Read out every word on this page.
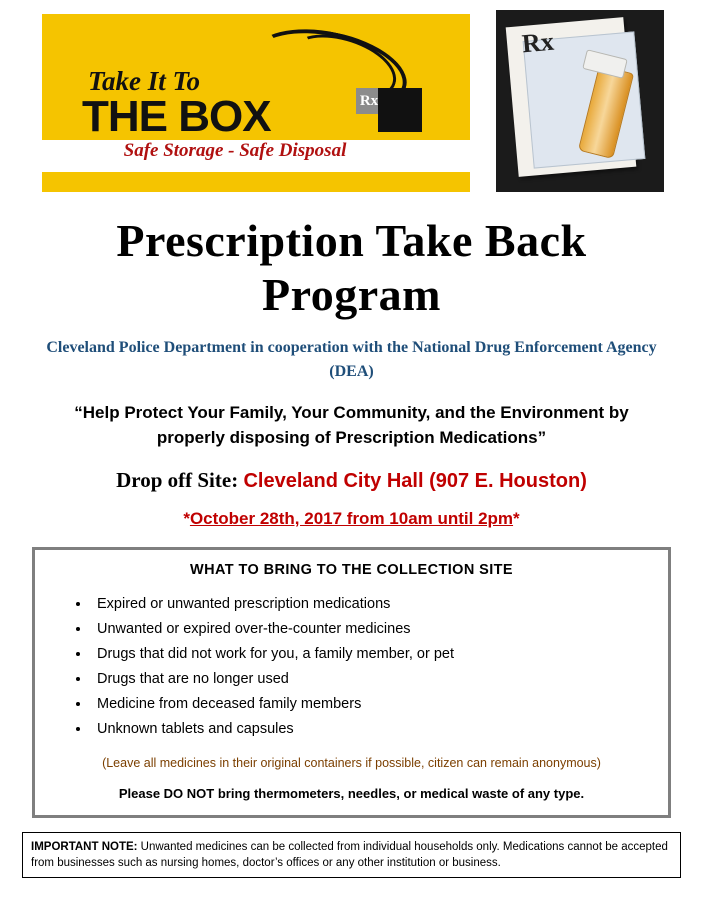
Take It To
THE BOX	Rx
Safe Storage - Safe Disposal
Rx
Prescription Take Back Program
Cleveland Police Department in cooperation with the National Drug Enforcement Agency (DEA)
“Help Protect Your Family, Your Community, and the Environment by properly disposing of Prescription Medications”
Drop off Site: Cleveland City Hall (907 E. Houston)
*October 28th, 2017 from 10am until 2pm*
WHAT TO BRING TO THE COLLECTION SITE
• Expired or unwanted prescription medications
• Unwanted or expired over-the-counter medicines
• Drugs that did not work for you, a family member, or pet
• Drugs that are no longer used
• Medicine from deceased family members
• Unknown tablets and capsules
(Leave all medicines in their original containers if possible, citizen can remain anonymous)
Please DO NOT bring thermometers, needles, or medical waste of any type.
IMPORTANT NOTE: Unwanted medicines can be collected from individual households only. Medications cannot be accepted from businesses such as nursing homes, doctor’s offices or any other institution or business.
